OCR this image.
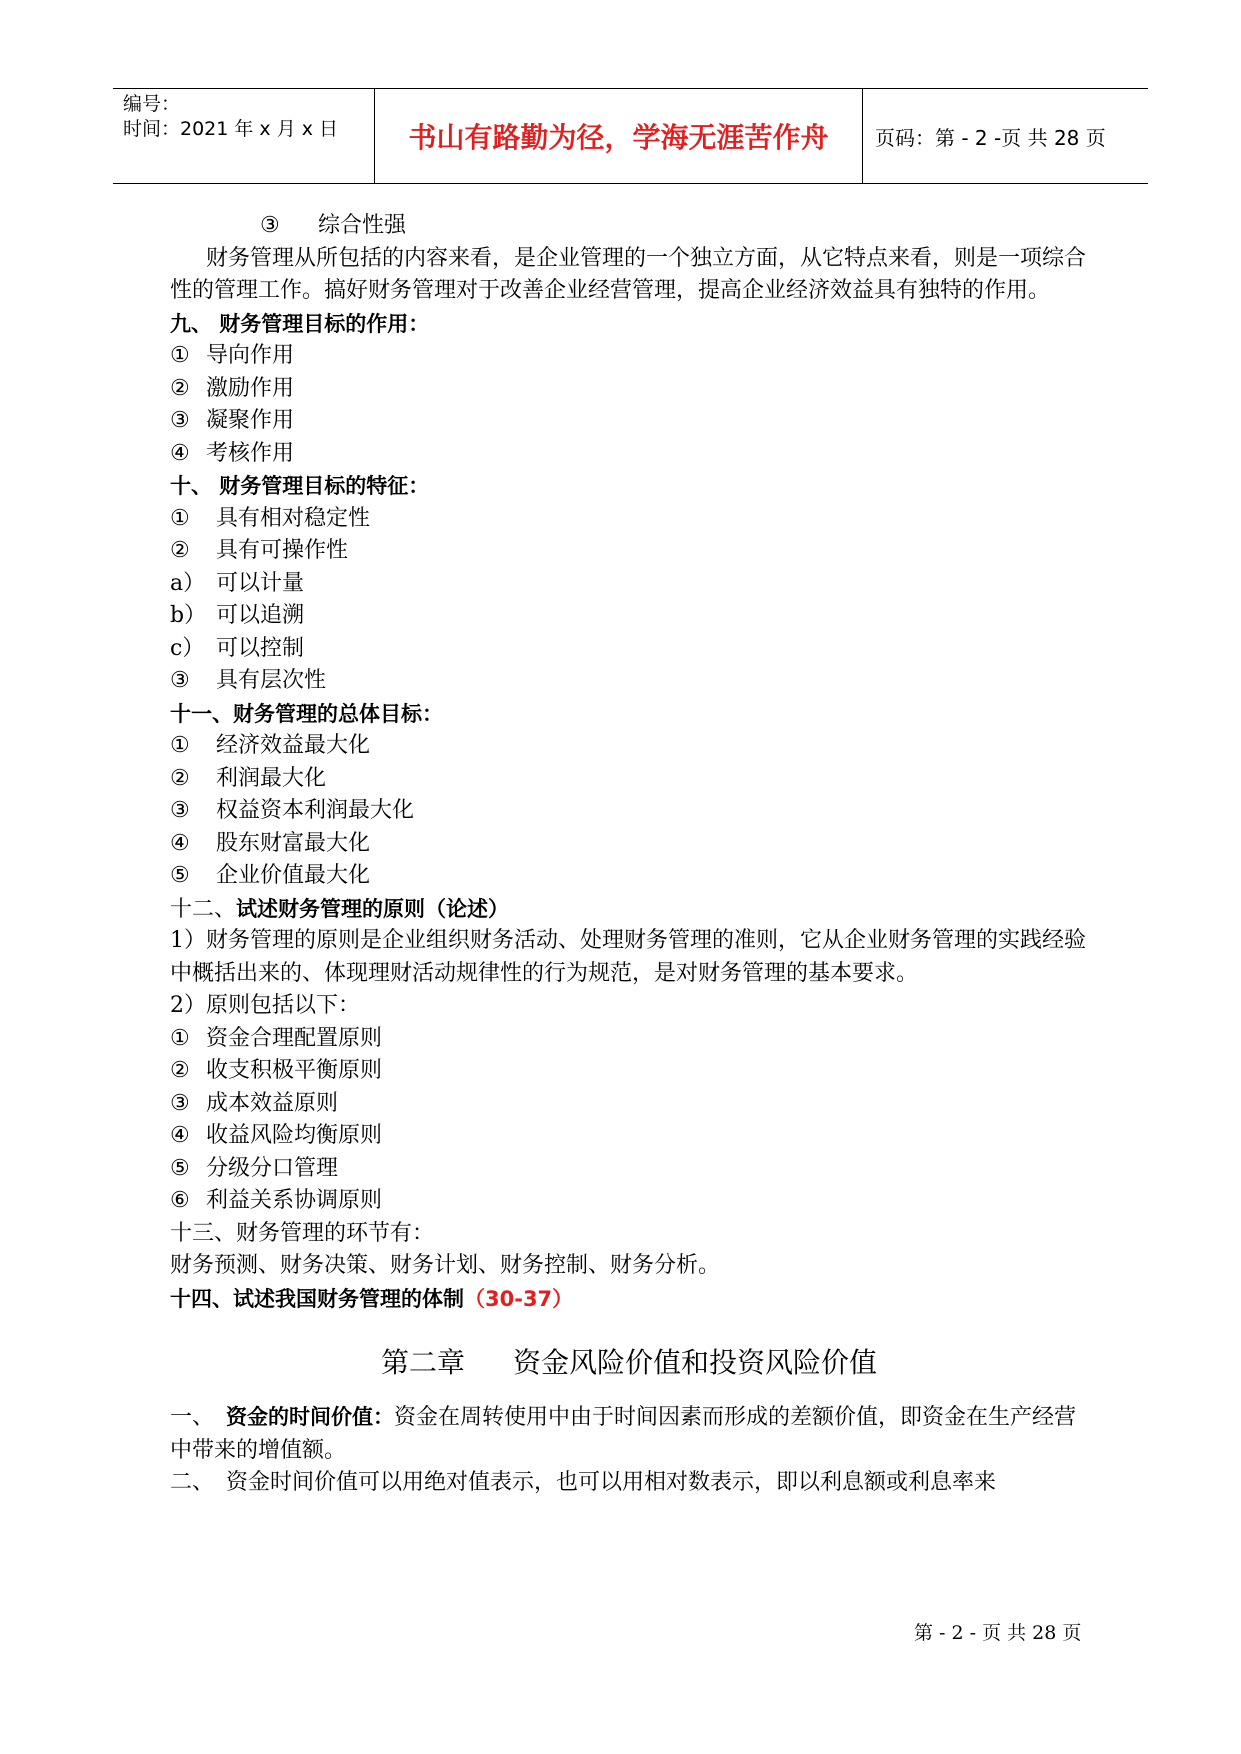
编号：
时间：2021 年 x 月 x 日	书山有路勤为径，学海无涯苦作舟	页码：第 - 2 -页 共 28 页
③ 综合性强
财务管理从所包括的内容来看，是企业管理的一个独立方面，从它特点来看，则是一项综合性的管理工作。搞好财务管理对于改善企业经营管理，提高企业经济效益具有独特的作用。
九、 财务管理目标的作用：
① 导向作用
② 激励作用
③ 凝聚作用
④ 考核作用
十、 财务管理目标的特征：
① 具有相对稳定性
② 具有可操作性
a） 可以计量
b） 可以追溯
c） 可以控制
③ 具有层次性
十一、财务管理的总体目标：
① 经济效益最大化
② 利润最大化
③ 权益资本利润最大化
④ 股东财富最大化
⑤ 企业价值最大化
十二、试述财务管理的原则（论述）
1）财务管理的原则是企业组织财务活动、处理财务管理的准则，它从企业财务管理的实践经验中概括出来的、体现理财活动规律性的行为规范，是对财务管理的基本要求。
2）原则包括以下：
① 资金合理配置原则
② 收支积极平衡原则
③ 成本效益原则
④ 收益风险均衡原则
⑤ 分级分口管理
⑥ 利益关系协调原则
十三、财务管理的环节有：
财务预测、财务决策、财务计划、财务控制、财务分析。
十四、试述我国财务管理的体制（30-37）
第二章 资金风险价值和投资风险价值
一、 资金的时间价值：资金在周转使用中由于时间因素而形成的差额价值，即资金在生产经营中带来的增值额。
二、 资金时间价值可以用绝对值表示，也可以用相对数表示，即以利息额或利息率来
第 - 2 - 页 共 28 页
